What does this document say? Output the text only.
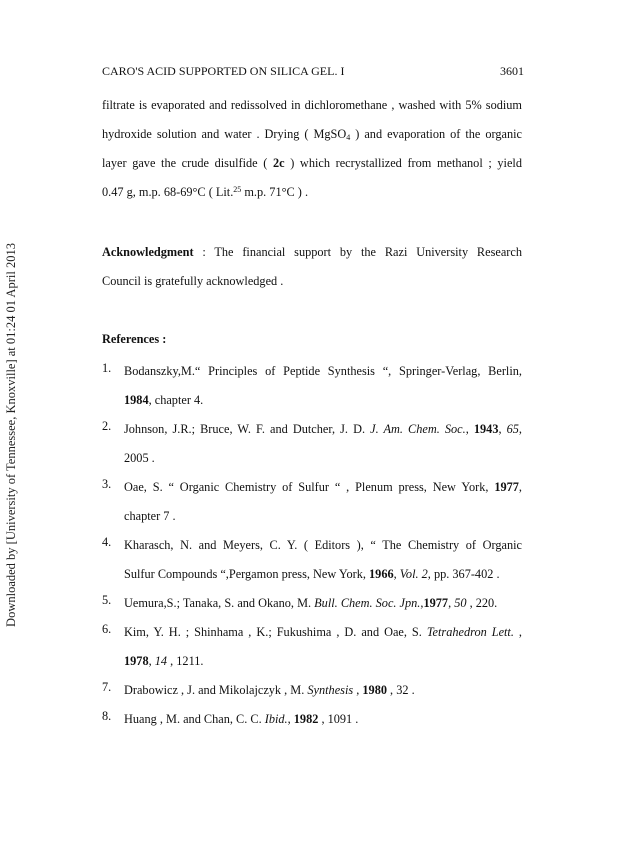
Downloaded by [University of Tennessee, Knoxville] at 01:24 01 April 2013
CARO'S ACID SUPPORTED ON SILICA GEL. I	3601
filtrate is evaporated and redissolved in dichloromethane , washed with 5% sodium
hydroxide solution and water . Drying ( MgSO$_4$ ) and evaporation of the organic
layer gave the crude disulfide ( 2c ) which recrystallized from methanol ; yield
0.47 g, m.p. 68-69°C ( Lit.$^{25}$ m.p. 71°C ) .
Acknowledgment : The financial support by the Razi University Research
Council is gratefully acknowledged .
References :
1.	Bodanszky,M.“ Principles of Peptide Synthesis “, Springer-Verlag, Berlin,
1984, chapter 4.
2.	Johnson, J.R.; Bruce, W. F. and Dutcher, J. D. J. Am. Chem. Soc., 1943, 65,
2005 .
3.	Oae, S. “ Organic Chemistry of Sulfur “ , Plenum press, New York, 1977,
chapter 7 .
4.	Kharasch, N. and Meyers, C. Y. ( Editors ), “ The Chemistry of Organic
Sulfur Compounds “,Pergamon press, New York, 1966, Vol. 2, pp. 367-402 .
5.	Uemura,S.; Tanaka, S. and Okano, M. Bull. Chem. Soc. Jpn.,1977, 50 , 220.
6.	Kim, Y. H. ; Shinhama , K.; Fukushima , D. and Oae, S. Tetrahedron Lett. ,
1978, 14 , 1211.
7.	Drabowicz , J. and Mikolajczyk , M. Synthesis , 1980 , 32 .
8.	Huang , M. and Chan, C. C. Ibid., 1982 , 1091 .
